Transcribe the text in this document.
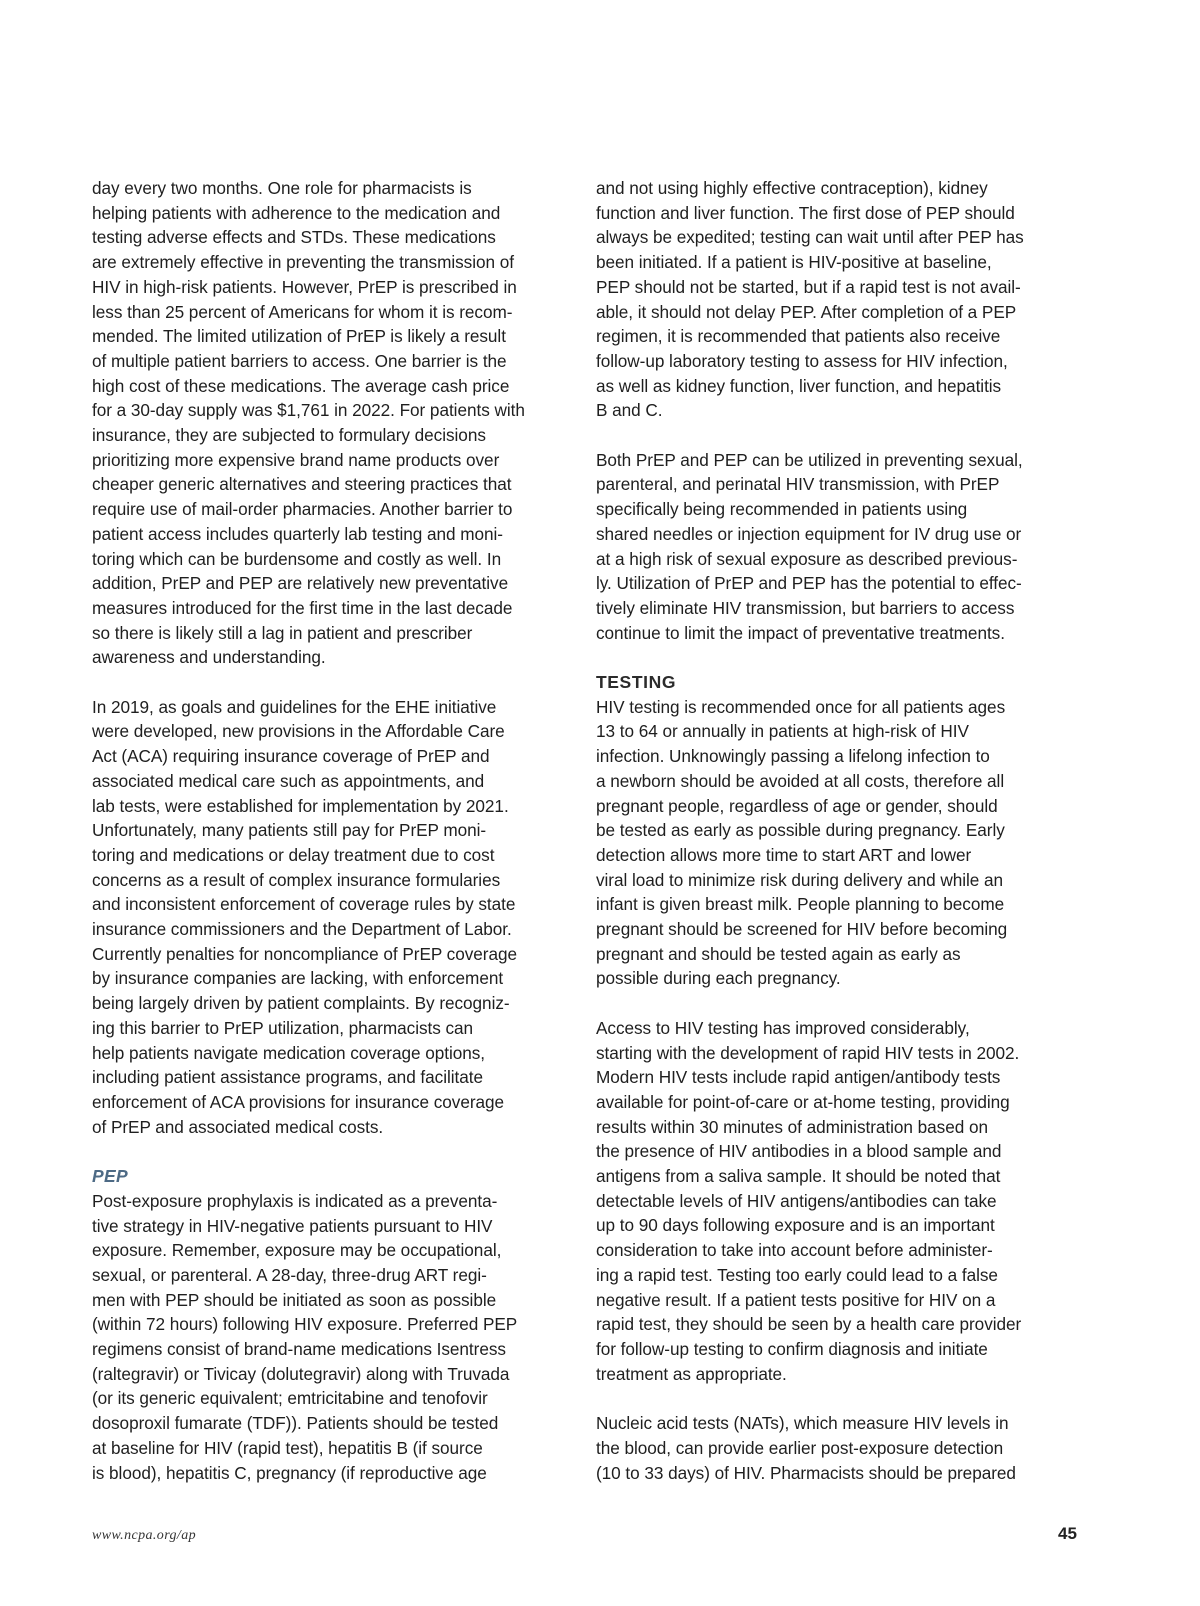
day every two months. One role for pharmacists is
helping patients with adherence to the medication and
testing adverse effects and STDs. These medications
are extremely effective in preventing the transmission of
HIV in high-risk patients. However, PrEP is prescribed in
less than 25 percent of Americans for whom it is recom-
mended. The limited utilization of PrEP is likely a result
of multiple patient barriers to access. One barrier is the
high cost of these medications. The average cash price
for a 30-day supply was $1,761 in 2022. For patients with
insurance, they are subjected to formulary decisions
prioritizing more expensive brand name products over
cheaper generic alternatives and steering practices that
require use of mail-order pharmacies. Another barrier to
patient access includes quarterly lab testing and moni-
toring which can be burdensome and costly as well. In
addition, PrEP and PEP are relatively new preventative
measures introduced for the first time in the last decade
so there is likely still a lag in patient and prescriber
awareness and understanding.
In 2019, as goals and guidelines for the EHE initiative
were developed, new provisions in the Affordable Care
Act (ACA) requiring insurance coverage of PrEP and
associated medical care such as appointments, and
lab tests, were established for implementation by 2021.
Unfortunately, many patients still pay for PrEP moni-
toring and medications or delay treatment due to cost
concerns as a result of complex insurance formularies
and inconsistent enforcement of coverage rules by state
insurance commissioners and the Department of Labor.
Currently penalties for noncompliance of PrEP coverage
by insurance companies are lacking, with enforcement
being largely driven by patient complaints. By recogniz-
ing this barrier to PrEP utilization, pharmacists can
help patients navigate medication coverage options,
including patient assistance programs, and facilitate
enforcement of ACA provisions for insurance coverage
of PrEP and associated medical costs.
PEP
Post-exposure prophylaxis is indicated as a preventa-
tive strategy in HIV-negative patients pursuant to HIV
exposure. Remember, exposure may be occupational,
sexual, or parenteral. A 28-day, three-drug ART regi-
men with PEP should be initiated as soon as possible
(within 72 hours) following HIV exposure. Preferred PEP
regimens consist of brand-name medications Isentress
(raltegravir) or Tivicay (dolutegravir) along with Truvada
(or its generic equivalent; emtricitabine and tenofovir
dosoproxil fumarate (TDF)). Patients should be tested
at baseline for HIV (rapid test), hepatitis B (if source
is blood), hepatitis C, pregnancy (if reproductive age
and not using highly effective contraception), kidney
function and liver function. The first dose of PEP should
always be expedited; testing can wait until after PEP has
been initiated. If a patient is HIV-positive at baseline,
PEP should not be started, but if a rapid test is not avail-
able, it should not delay PEP. After completion of a PEP
regimen, it is recommended that patients also receive
follow-up laboratory testing to assess for HIV infection,
as well as kidney function, liver function, and hepatitis
B and C.
Both PrEP and PEP can be utilized in preventing sexual,
parenteral, and perinatal HIV transmission, with PrEP
specifically being recommended in patients using
shared needles or injection equipment for IV drug use or
at a high risk of sexual exposure as described previous-
ly. Utilization of PrEP and PEP has the potential to effec-
tively eliminate HIV transmission, but barriers to access
continue to limit the impact of preventative treatments.
TESTING
HIV testing is recommended once for all patients ages
13 to 64 or annually in patients at high-risk of HIV
infection. Unknowingly passing a lifelong infection to
a newborn should be avoided at all costs, therefore all
pregnant people, regardless of age or gender, should
be tested as early as possible during pregnancy. Early
detection allows more time to start ART and lower
viral load to minimize risk during delivery and while an
infant is given breast milk. People planning to become
pregnant should be screened for HIV before becoming
pregnant and should be tested again as early as
possible during each pregnancy.
Access to HIV testing has improved considerably,
starting with the development of rapid HIV tests in 2002.
Modern HIV tests include rapid antigen/antibody tests
available for point-of-care or at-home testing, providing
results within 30 minutes of administration based on
the presence of HIV antibodies in a blood sample and
antigens from a saliva sample. It should be noted that
detectable levels of HIV antigens/antibodies can take
up to 90 days following exposure and is an important
consideration to take into account before administer-
ing a rapid test. Testing too early could lead to a false
negative result. If a patient tests positive for HIV on a
rapid test, they should be seen by a health care provider
for follow-up testing to confirm diagnosis and initiate
treatment as appropriate.
Nucleic acid tests (NATs), which measure HIV levels in
the blood, can provide earlier post-exposure detection
(10 to 33 days) of HIV. Pharmacists should be prepared
www.ncpa.org/ap	45
